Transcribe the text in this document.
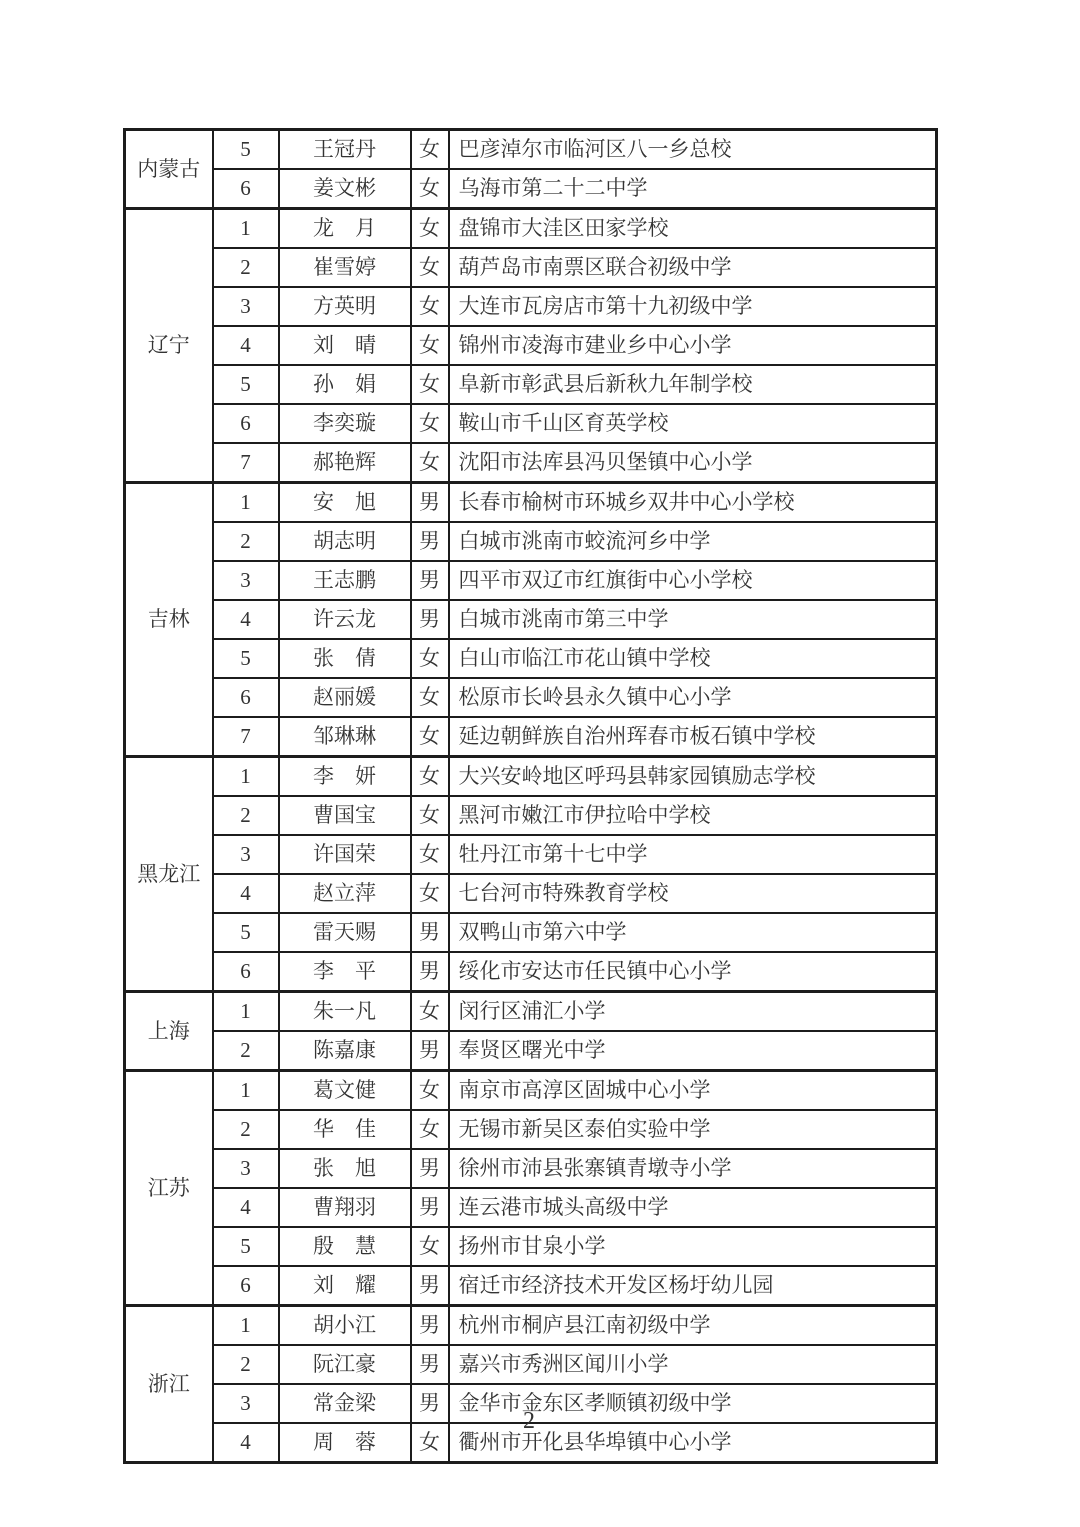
内蒙古	5	王冠丹	女	巴彦淖尔市临河区八一乡总校
	6	姜文彬	女	乌海市第二十二中学
辽宁	1	龙　月	女	盘锦市大洼区田家学校
	2	崔雪婷	女	葫芦岛市南票区联合初级中学
	3	方英明	女	大连市瓦房店市第十九初级中学
	4	刘　晴	女	锦州市凌海市建业乡中心小学
	5	孙　娟	女	阜新市彰武县后新秋九年制学校
	6	李奕璇	女	鞍山市千山区育英学校
	7	郝艳辉	女	沈阳市法库县冯贝堡镇中心小学
吉林	1	安　旭	男	长春市榆树市环城乡双井中心小学校
	2	胡志明	男	白城市洮南市蛟流河乡中学
	3	王志鹏	男	四平市双辽市红旗街中心小学校
	4	许云龙	男	白城市洮南市第三中学
	5	张　倩	女	白山市临江市花山镇中学校
	6	赵丽媛	女	松原市长岭县永久镇中心小学
	7	邹琳琳	女	延边朝鲜族自治州珲春市板石镇中学校
黑龙江	1	李　妍	女	大兴安岭地区呼玛县韩家园镇励志学校
	2	曹国宝	女	黑河市嫩江市伊拉哈中学校
	3	许国荣	女	牡丹江市第十七中学
	4	赵立萍	女	七台河市特殊教育学校
	5	雷天赐	男	双鸭山市第六中学
	6	李　平	男	绥化市安达市任民镇中心小学
上海	1	朱一凡	女	闵行区浦汇小学
	2	陈嘉康	男	奉贤区曙光中学
江苏	1	葛文健	女	南京市高淳区固城中心小学
	2	华　佳	女	无锡市新吴区泰伯实验中学
	3	张　旭	男	徐州市沛县张寨镇青墩寺小学
	4	曹翔羽	男	连云港市城头高级中学
	5	殷　慧	女	扬州市甘泉小学
	6	刘　耀	男	宿迁市经济技术开发区杨圩幼儿园
浙江	1	胡小江	男	杭州市桐庐县江南初级中学
	2	阮江豪	男	嘉兴市秀洲区闻川小学
	3	常金梁	男	金华市金东区孝顺镇初级中学
	4	周　蓉	女	衢州市开化县华埠镇中心小学
2
